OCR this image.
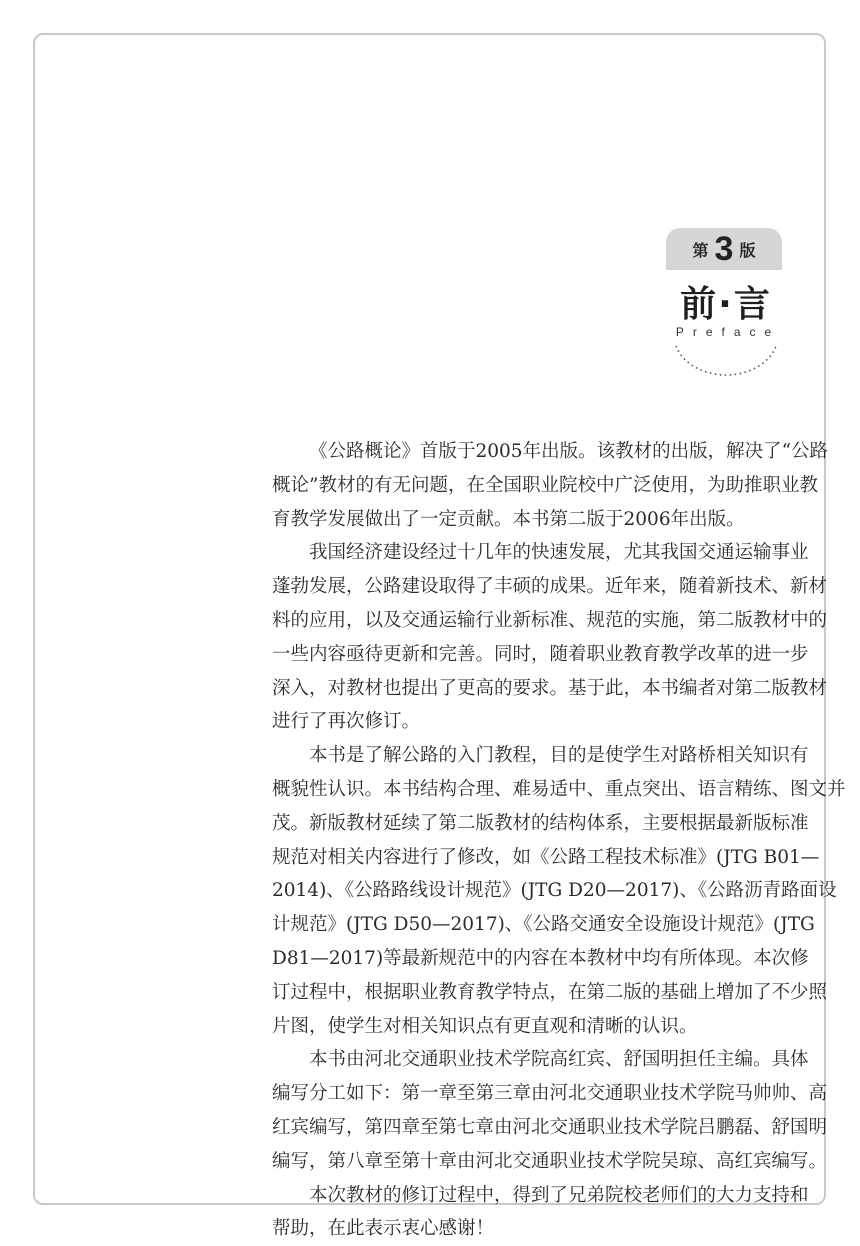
第 3 版
前·言
Preface
《公路概论》首版于2005年出版。该教材的出版，解决了“公路
概论”教材的有无问题，在全国职业院校中广泛使用，为助推职业教
育教学发展做出了一定贡献。本书第二版于2006年出版。
我国经济建设经过十几年的快速发展，尤其我国交通运输事业
蓬勃发展，公路建设取得了丰硕的成果。近年来，随着新技术、新材
料的应用，以及交通运输行业新标准、规范的实施，第二版教材中的
一些内容亟待更新和完善。同时，随着职业教育教学改革的进一步
深入，对教材也提出了更高的要求。基于此，本书编者对第二版教材
进行了再次修订。
本书是了解公路的入门教程，目的是使学生对路桥相关知识有
概貌性认识。本书结构合理、难易适中、重点突出、语言精练、图文并
茂。新版教材延续了第二版教材的结构体系，主要根据最新版标准
规范对相关内容进行了修改，如《公路工程技术标准》(JTG B01—
2014)、《公路路线设计规范》(JTG D20—2017)、《公路沥青路面设
计规范》(JTG D50—2017)、《公路交通安全设施设计规范》(JTG
D81—2017)等最新规范中的内容在本教材中均有所体现。本次修
订过程中，根据职业教育教学特点，在第二版的基础上增加了不少照
片图，使学生对相关知识点有更直观和清晰的认识。
本书由河北交通职业技术学院高红宾、舒国明担任主编。具体
编写分工如下：第一章至第三章由河北交通职业技术学院马帅帅、高
红宾编写，第四章至第七章由河北交通职业技术学院吕鹏磊、舒国明
编写，第八章至第十章由河北交通职业技术学院吴琼、高红宾编写。
本次教材的修订过程中，得到了兄弟院校老师们的大力支持和
帮助，在此表示衷心感谢！
